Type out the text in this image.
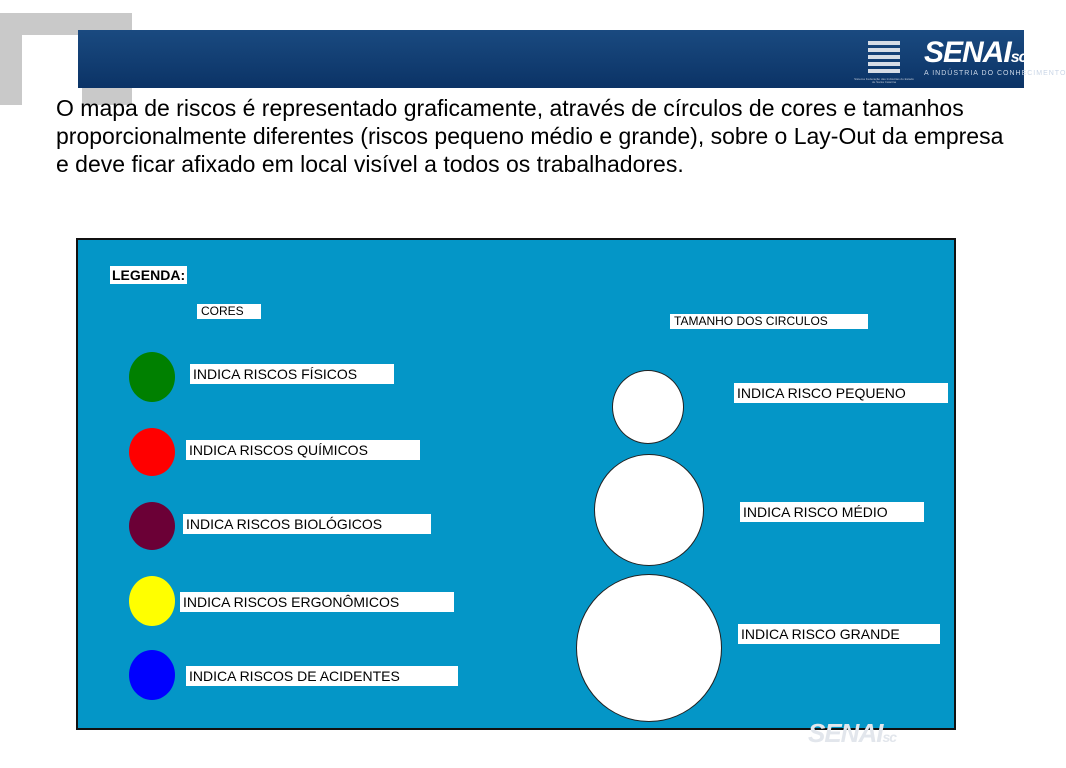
Sistema Federação das Indústrias do Estado de Santa Catarina
SENAIsc
A INDÚSTRIA DO CONHECIMENTO

O mapa de riscos é representado graficamente, através de círculos de cores e tamanhos proporcionalmente diferentes (riscos pequeno médio e grande), sobre o Lay-Out da empresa e deve ficar afixado em local visível a todos os trabalhadores.

LEGENDA:
CORES
TAMANHO DOS CIRCULOS
INDICA RISCOS FÍSICOS
INDICA RISCOS QUÍMICOS
INDICA RISCOS BIOLÓGICOS
INDICA RISCOS ERGONÔMICOS
INDICA RISCOS DE ACIDENTES
INDICA RISCO PEQUENO
INDICA RISCO MÉDIO
INDICA RISCO GRANDE
SENAIsc
